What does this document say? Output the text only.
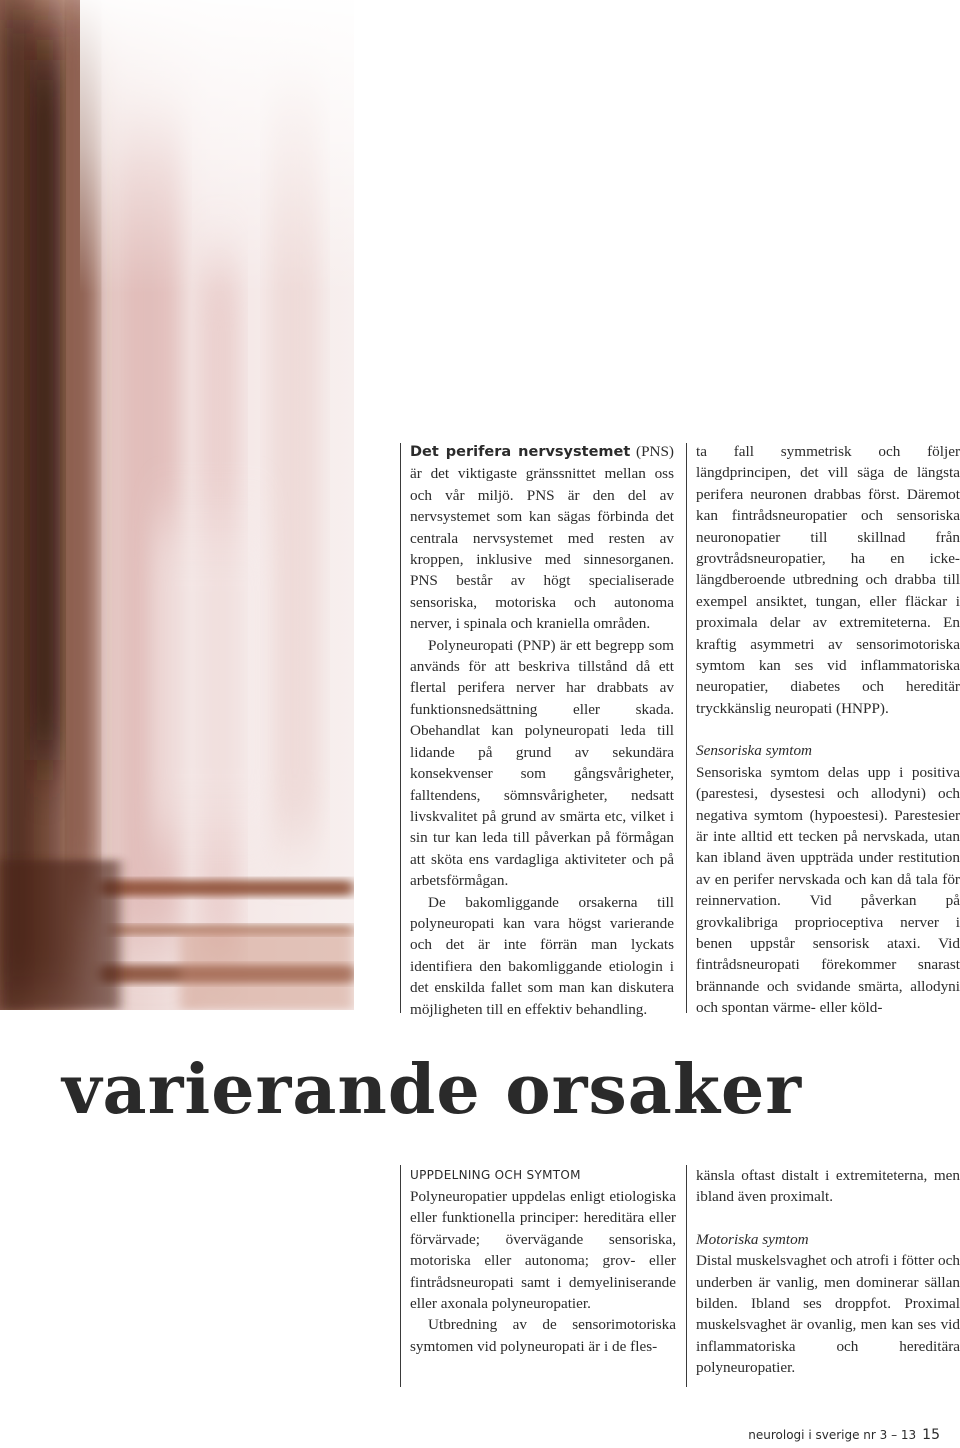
Det perifera nervsystemet (PNS) är det viktigaste gränssnittet mellan oss och vår miljö. PNS är den del av nervsystemet som kan sägas förbinda det centrala nervsystemet med resten av kroppen, inklusive med sinnesorganen. PNS består av högt specialiserade sensoriska, motoriska och autonoma nerver, i spinala och kraniella områden.

Polyneuropati (PNP) är ett begrepp som används för att beskriva tillstånd då ett flertal perifera nerver har drabbats av funktionsnedsättning eller skada. Obehandlat kan polyneuropati leda till lidande på grund av sekundära konsekvenser som gångsvårigheter, falltendens, sömnsvårigheter, nedsatt livskvalitet på grund av smärta etc, vilket i sin tur kan leda till påverkan på förmågan att sköta ens vardagliga aktiviteter och på arbetsförmågan.

De bakomliggande orsakerna till polyneuropati kan vara högst varierande och det är inte förrän man lyckats identifiera den bakomliggande etiologin i det enskilda fallet som man kan diskutera möjligheten till en effektiv behandling.

ta fall symmetrisk och följer längdprincipen, det vill säga de längsta perifera neuronen drabbas först. Däremot kan fintrådsneuropatier och sensoriska neuronopatier till skillnad från grovtrådsneuropatier, ha en icke-längdberoende utbredning och drabba till exempel ansiktet, tungan, eller fläckar i proximala delar av extremiteterna. En kraftig asymmetri av sensorimotoriska symtom kan ses vid inflammatoriska neuropatier, diabetes och hereditär tryckkänslig neuropati (HNPP).

Sensoriska symtom

Sensoriska symtom delas upp i positiva (parestesi, dysestesi och allodyni) och negativa symtom (hypoestesi). Parestesier är inte alltid ett tecken på nervskada, utan kan ibland även uppträda under restitution av en perifer nervskada och kan då tala för reinnervation. Vid påverkan på grovkalibriga proprioceptiva nerver i benen uppstår sensorisk ataxi. Vid fintrådsneuropati förekommer snarast brännande och svidande smärta, allodyni och spontan värme- eller köld-

varierande orsaker
UPPDELNING OCH SYMTOM

Polyneuropatier uppdelas enligt etiologiska eller funktionella principer: hereditära eller förvärvade; övervägande sensoriska, motoriska eller autonoma; grov- eller fintrådsneuropati samt i demyeliniserande eller axonala polyneuropatier.

Utbredning av de sensorimotoriska symtomen vid polyneuropati är i de fles-

känsla oftast distalt i extremiteterna, men ibland även proximalt.

Motoriska symtom

Distal muskelsvaghet och atrofi i fötter och underben är vanlig, men dominerar sällan bilden. Ibland ses droppfot. Proximal muskelsvaghet är ovanlig, men kan ses vid inflammatoriska och hereditära polyneuropatier.

neurologi i sverige nr 3 – 13 15
